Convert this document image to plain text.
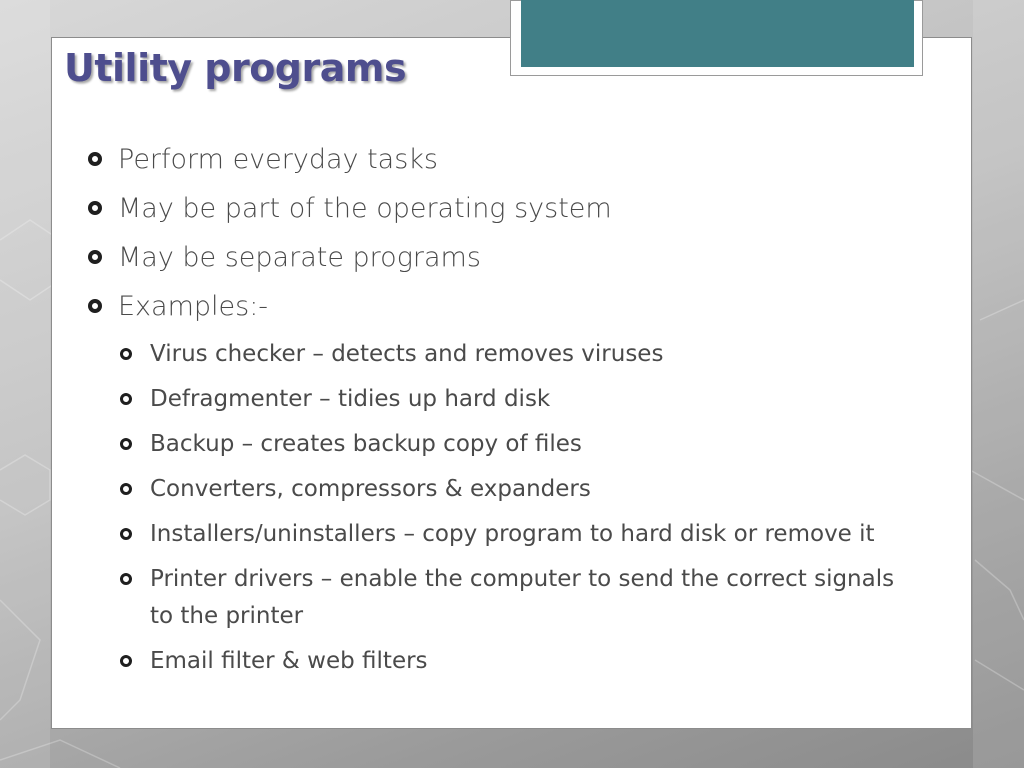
Utility programs
Perform everyday tasks
May be part of the operating system
May be separate programs
Examples:-
Virus checker – detects and removes viruses
Defragmenter – tidies up hard disk
Backup – creates backup copy of files
Converters, compressors & expanders
Installers/uninstallers – copy program to hard disk or remove it
Printer drivers – enable the computer to send the correct signals to the printer
Email filter & web filters
